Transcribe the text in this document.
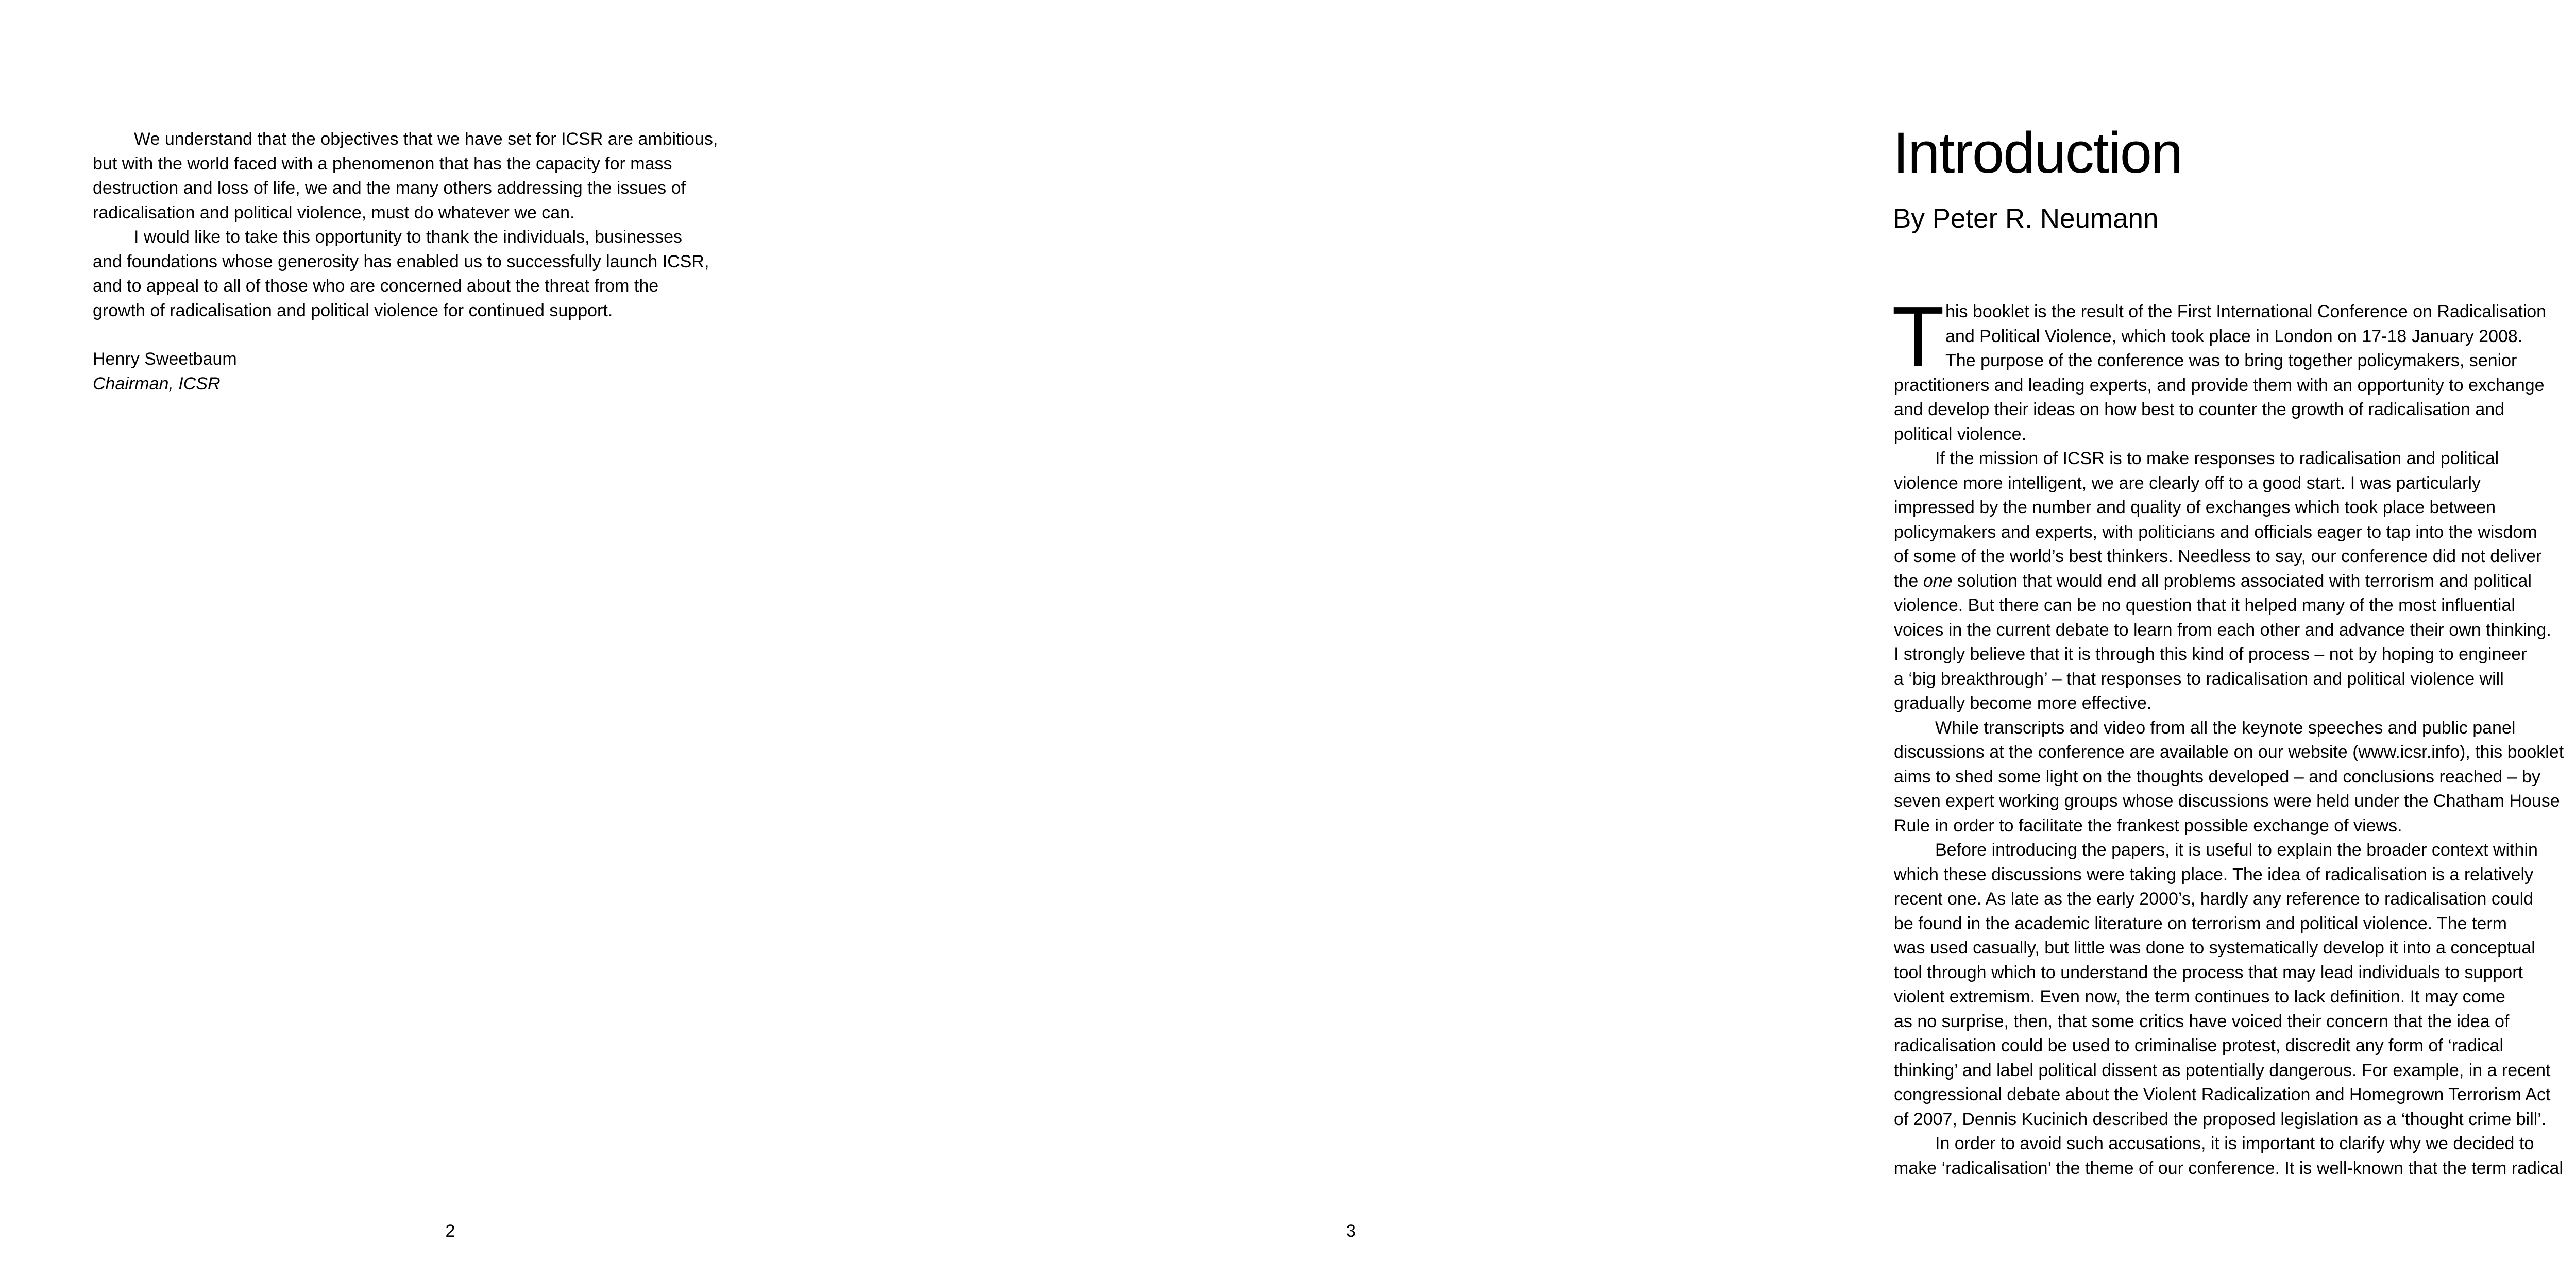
We understand that the objectives that we have set for ICSR are ambitious,
but with the world faced with a phenomenon that has the capacity for mass
destruction and loss of life, we and the many others addressing the issues of
radicalisation and political violence, must do whatever we can.

I would like to take this opportunity to thank the individuals, businesses
and foundations whose generosity has enabled us to successfully launch ICSR,
and to appeal to all of those who are concerned about the threat from the
growth of radicalisation and political violence for continued support.

Henry Sweetbaum
Chairman, ICSR
2
Introduction
By Peter R. Neumann

T his booklet is the result of the First International Conference on Radicalisation
and Political Violence, which took place in London on 17-18 January 2008.
The purpose of the conference was to bring together policymakers, senior
practitioners and leading experts, and provide them with an opportunity to exchange
and develop their ideas on how best to counter the growth of radicalisation and
political violence.

If the mission of ICSR is to make responses to radicalisation and political
violence more intelligent, we are clearly off to a good start. I was particularly
impressed by the number and quality of exchanges which took place between
policymakers and experts, with politicians and officials eager to tap into the wisdom
of some of the world’s best thinkers. Needless to say, our conference did not deliver
the one solution that would end all problems associated with terrorism and political
violence. But there can be no question that it helped many of the most influential
voices in the current debate to learn from each other and advance their own thinking.
I strongly believe that it is through this kind of process – not by hoping to engineer
a ‘big breakthrough’ – that responses to radicalisation and political violence will
gradually become more effective.

While transcripts and video from all the keynote speeches and public panel
discussions at the conference are available on our website (www.icsr.info), this booklet
aims to shed some light on the thoughts developed – and conclusions reached – by
seven expert working groups whose discussions were held under the Chatham House
Rule in order to facilitate the frankest possible exchange of views.

Before introducing the papers, it is useful to explain the broader context within
which these discussions were taking place. The idea of radicalisation is a relatively
recent one. As late as the early 2000’s, hardly any reference to radicalisation could
be found in the academic literature on terrorism and political violence. The term
was used casually, but little was done to systematically develop it into a conceptual
tool through which to understand the process that may lead individuals to support
violent extremism. Even now, the term continues to lack definition. It may come
as no surprise, then, that some critics have voiced their concern that the idea of
radicalisation could be used to criminalise protest, discredit any form of ‘radical
thinking’ and label political dissent as potentially dangerous. For example, in a recent
congressional debate about the Violent Radicalization and Homegrown Terrorism Act
of 2007, Dennis Kucinich described the proposed legislation as a ‘thought crime bill’.

In order to avoid such accusations, it is important to clarify why we decided to
make ‘radicalisation’ the theme of our conference. It is well-known that the term radical

3
